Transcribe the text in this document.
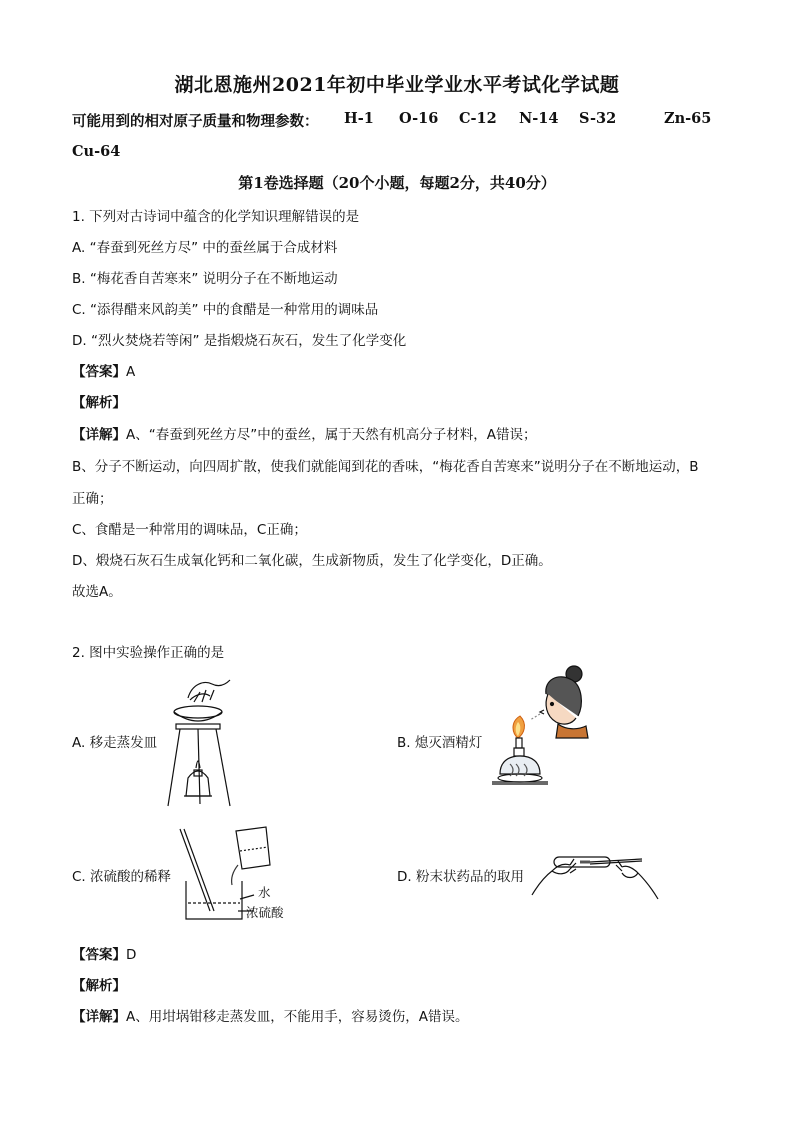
湖北恩施州2021年初中毕业学业水平考试化学试题
可能用到的相对原子质量和物理参数： H-1 O-16 C-12 N-14 S-32	Zn-65
Cu-64
第1卷选择题（20个小题，每题2分，共40分）
1. 下列对古诗词中蕴含的化学知识理解错误的是
A. “春蚕到死丝方尽” 中的蚕丝属于合成材料
B. “梅花香自苦寒来” 说明分子在不断地运动
C. “添得醋来风韵美” 中的食醋是一种常用的调味品
D. “烈火焚烧若等闲” 是指煅烧石灰石，发生了化学变化
【答案】A
【解析】
【详解】A、“春蚕到死丝方尽”中的蚕丝，属于天然有机高分子材料，A错误；
B、分子不断运动，向四周扩散，使我们就能闻到花的香味，“梅花香自苦寒来”说明分子在不断地运动，B
正确；
C、食醋是一种常用的调味品，C正确；
D、煅烧石灰石生成氧化钙和二氧化碳，生成新物质，发生了化学变化，D正确。
故选A。
2. 图中实验操作正确的是
A. 移走蒸发皿	B. 熄灭酒精灯
C. 浓硫酸的稀释	D. 粉末状药品的取用
水
浓硫酸
【答案】D
【解析】
【详解】A、用坩埚钳移走蒸发皿，不能用手，容易烫伤，A错误。
